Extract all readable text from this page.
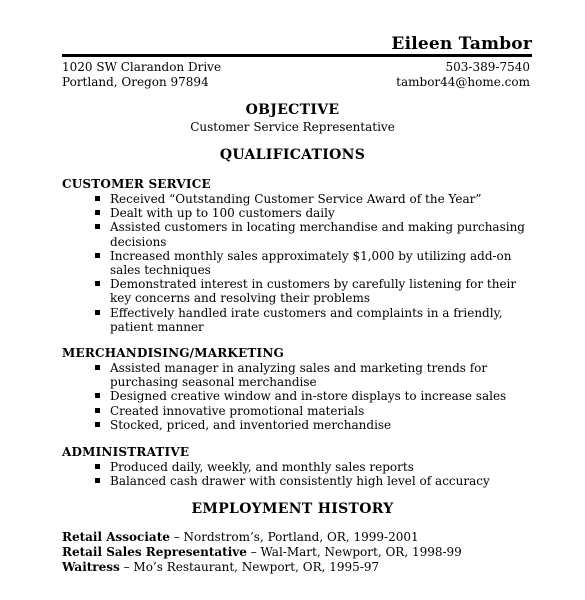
Eileen Tambor
1020 SW Clarandon Drive
Portland, Oregon 97894
503-389-7540
tambor44@home.com
OBJECTIVE
Customer Service Representative
QUALIFICATIONS
CUSTOMER SERVICE
Received “Outstanding Customer Service Award of the Year”
Dealt with up to 100 customers daily
Assisted customers in locating merchandise and making purchasing decisions
Increased monthly sales approximately $1,000 by utilizing add-on sales techniques
Demonstrated interest in customers by carefully listening for their key concerns and resolving their problems
Effectively handled irate customers and complaints in a friendly, patient manner
MERCHANDISING/MARKETING
Assisted manager in analyzing sales and marketing trends for purchasing seasonal merchandise
Designed creative window and in-store displays to increase sales
Created innovative promotional materials
Stocked, priced, and inventoried merchandise
ADMINISTRATIVE
Produced daily, weekly, and monthly sales reports
Balanced cash drawer with consistently high level of accuracy
EMPLOYMENT HISTORY
Retail Associate – Nordstrom’s, Portland, OR, 1999-2001
Retail Sales Representative – Wal-Mart, Newport, OR, 1998-99
Waitress – Mo’s Restaurant, Newport, OR, 1995-97
